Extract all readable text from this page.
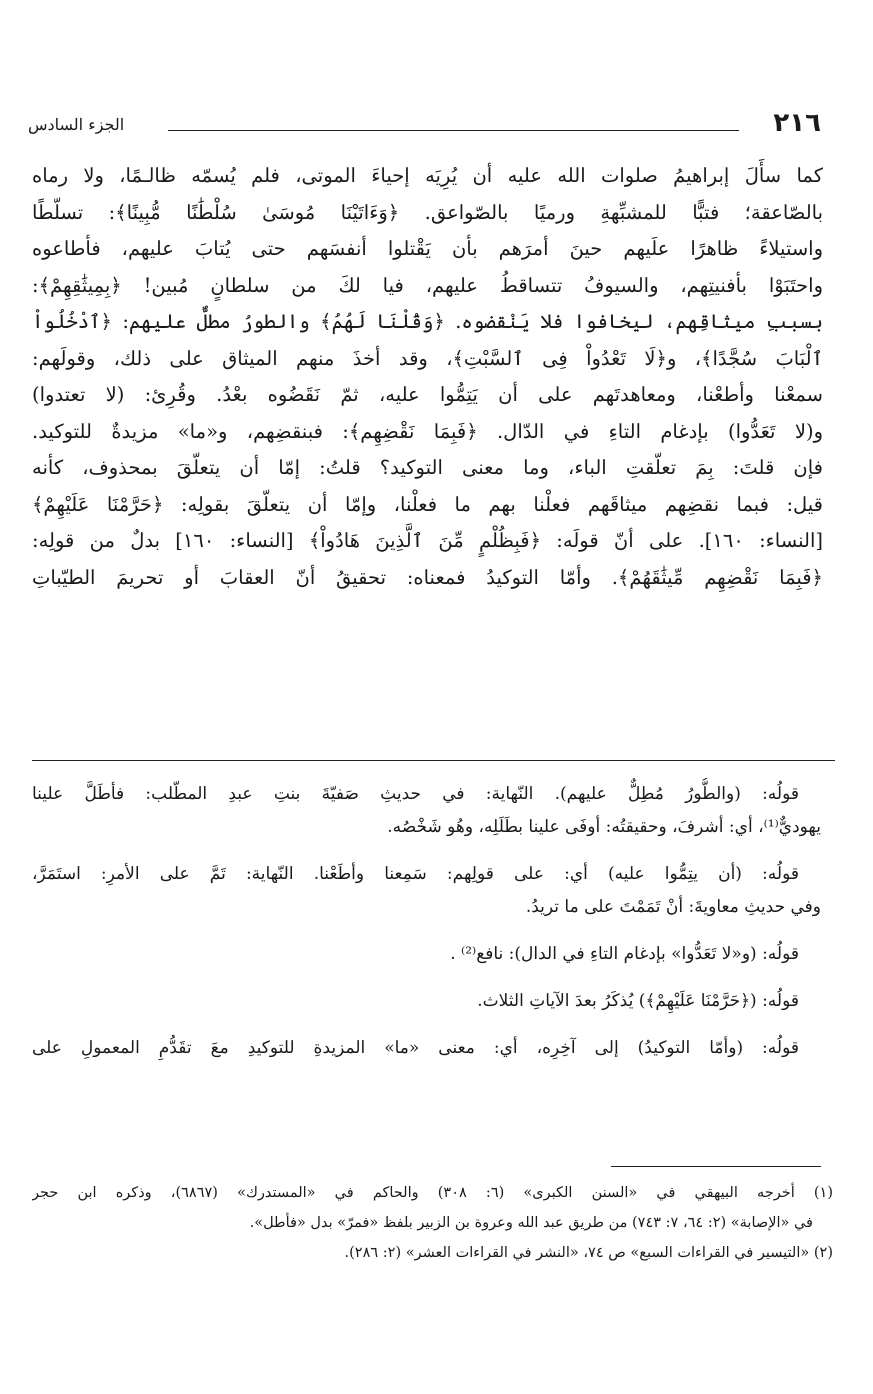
٢١٦
الجزء السادس
كما سأَلَ إبراهيمُ صلوات الله عليه أن يُرِيَه إحياءَ الموتى، فلم يُسمّه ظالـمًا، ولا رماه
بالصّاعقة؛ فتبًّا للمشبِّهةِ ورميًا بالصّواعق. ﴿وَءَاتَيْنَا مُوسَىٰ سُلْطَٰنًا مُّبِينًا﴾: تسلّطًا
واستيلاءً ظاهرًا علَيهم حينَ أمرَهم بأن يَقْتلوا أنفسَهم حتى يُتابَ عليهم، فأطاعوه
واحتَبَوْا بأفنيتِهم، والسيوفُ تتساقطُ عليهم، فيا لكَ من سلطانٍ مُبين! ﴿بِمِيثَٰقِهِمْ﴾:
بسببِ ميثاقِهم، ليخافوا فلا يَنْقضوه. ﴿وَقُلْنَا لَهُمُ﴾ والطورُ مطلٌّ عليهم: ﴿ٱدْخُلُواْ
ٱلْبَابَ سُجَّدًا﴾، و﴿لَا تَعْدُواْ فِى ٱلسَّبْتِ﴾، وقد أخذَ منهم الميثاق على ذلك، وقولَهم:
سمعْنا وأطعْنا، ومعاهدتَهم على أن يَتِمُّوا عليه، ثمّ نَقَضُوه بعْدُ. وقُرِئ: (لا تعتدوا)
و(لا تَعَدُّوا) بإدغام التاءِ في الدّال. ﴿فَبِمَا نَقْضِهِم﴾: فبنقضِهم، و«ما» مزيدةٌ للتوكيد.
فإن قلتَ: بِمَ تعلّقتِ الباء، وما معنى التوكيد؟ قلتُ: إمّا أن يتعلّقَ بمحذوف، كأنه
قيل: فبما نقضِهم ميثاقَهم فعلْنا بهم ما فعلْنا، وإمّا أن يتعلّقَ بقولِه: ﴿حَرَّمْنَا عَلَيْهِمْ﴾
[النساء: ١٦٠]. على أنّ قولَه: ﴿فَبِظُلْمٍ مِّنَ ٱلَّذِينَ هَادُواْ﴾ [النساء: ١٦٠] بدلٌ من قولِه:
﴿فَبِمَا نَقْضِهِم مِّيثَٰقَهُمْ﴾. وأمّا التوكيدُ فمعناه: تحقيقُ أنّ العقابَ أو تحريمَ الطيّباتِ
قولُه: (والطُّورُ مُطِلٌّ عليهم). النّهاية: في حديثِ صَفيّةَ بنتِ عبدِ المطّلب: فأطَلَّ علينا
يهوديٌّ⁽¹⁾، أي: أشرفَ، وحقيقتُه: أوفَى علينا بطَلَلِه، وهُو شَخْصُه.
قولُه: (أن يتِمُّوا عليه) أي: على قولِهم: سَمِعنا وأطَعْنا. النّهاية: تَمَّ على الأمرِ: استَمَرَّ،
وفي حديثِ معاويةَ: أنْ تَمَمْتَ على ما تريدُ.
قولُه: (و«لا تَعَدُّوا» بإدغام التاءِ في الدال): نافع⁽²⁾ .
قولُه: (﴿حَرَّمْنَا عَلَيْهِمْ﴾) يُذكَرُ بعدَ الآياتِ الثلاث.
قولُه: (وأمّا التوكيدُ) إلى آخِرِه، أي: معنى «ما» المزيدةِ للتوكيدِ معَ تقَدُّمِ المعمولِ على
(١) أخرجه البيهقي في «السنن الكبرى» (٦: ٣٠٨) والحاكم في «المستدرك» (٦٨٦٧)، وذكره ابن حجر
في «الإصابة» (٢: ٦٤، ٧: ٧٤٣) من طريق عبد الله وعروة بن الزبير بلفظ «فمرّ» بدل «فأطل».
(٢) «التيسير في القراءات السبع» ص ٧٤، «النشر في القراءات العشر» (٢: ٢٨٦).
